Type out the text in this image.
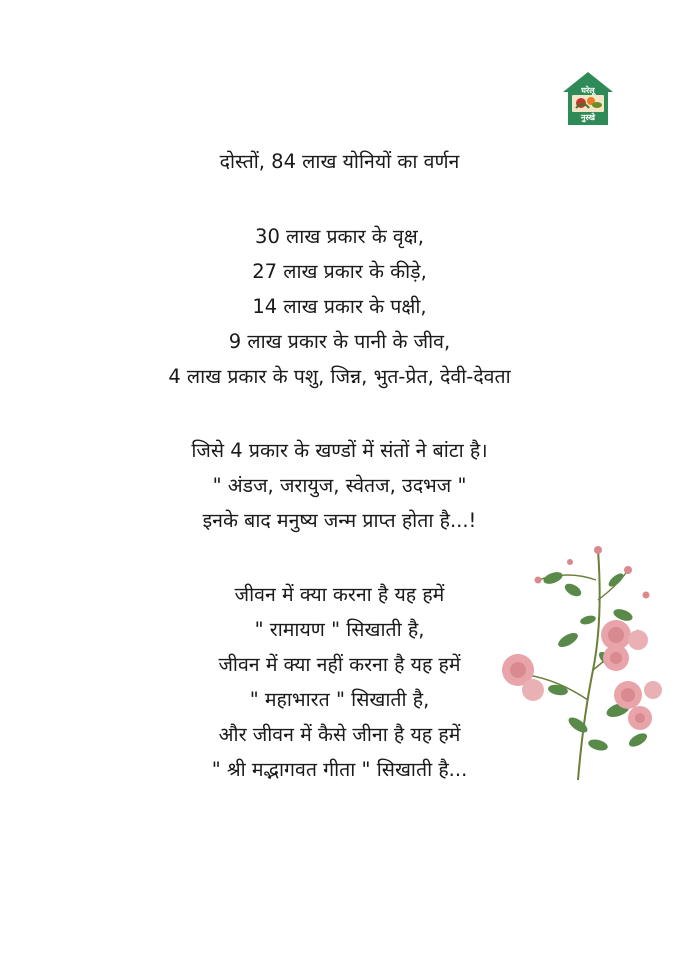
घरेलू
नुस्खे
दोस्तों, 84 लाख योनियों का वर्णन
30 लाख प्रकार के वृक्ष,
27 लाख प्रकार के कीड़े,
14 लाख प्रकार के पक्षी,
9 लाख प्रकार के पानी के जीव,
4 लाख प्रकार के पशु, जिन्न, भुत-प्रेत, देवी-देवता
जिसे 4 प्रकार के खण्डों में संतों ने बांटा है।
" अंडज, जरायुज, स्वेतज, उदभज "
इनके बाद मनुष्य जन्म प्राप्त होता है...!
जीवन में क्या करना है यह हमें
" रामायण " सिखाती है,
जीवन में क्या नहीं करना है यह हमें
" महाभारत " सिखाती है,
और जीवन में कैसे जीना है यह हमें
" श्री मद्भागवत गीता " सिखाती है...
